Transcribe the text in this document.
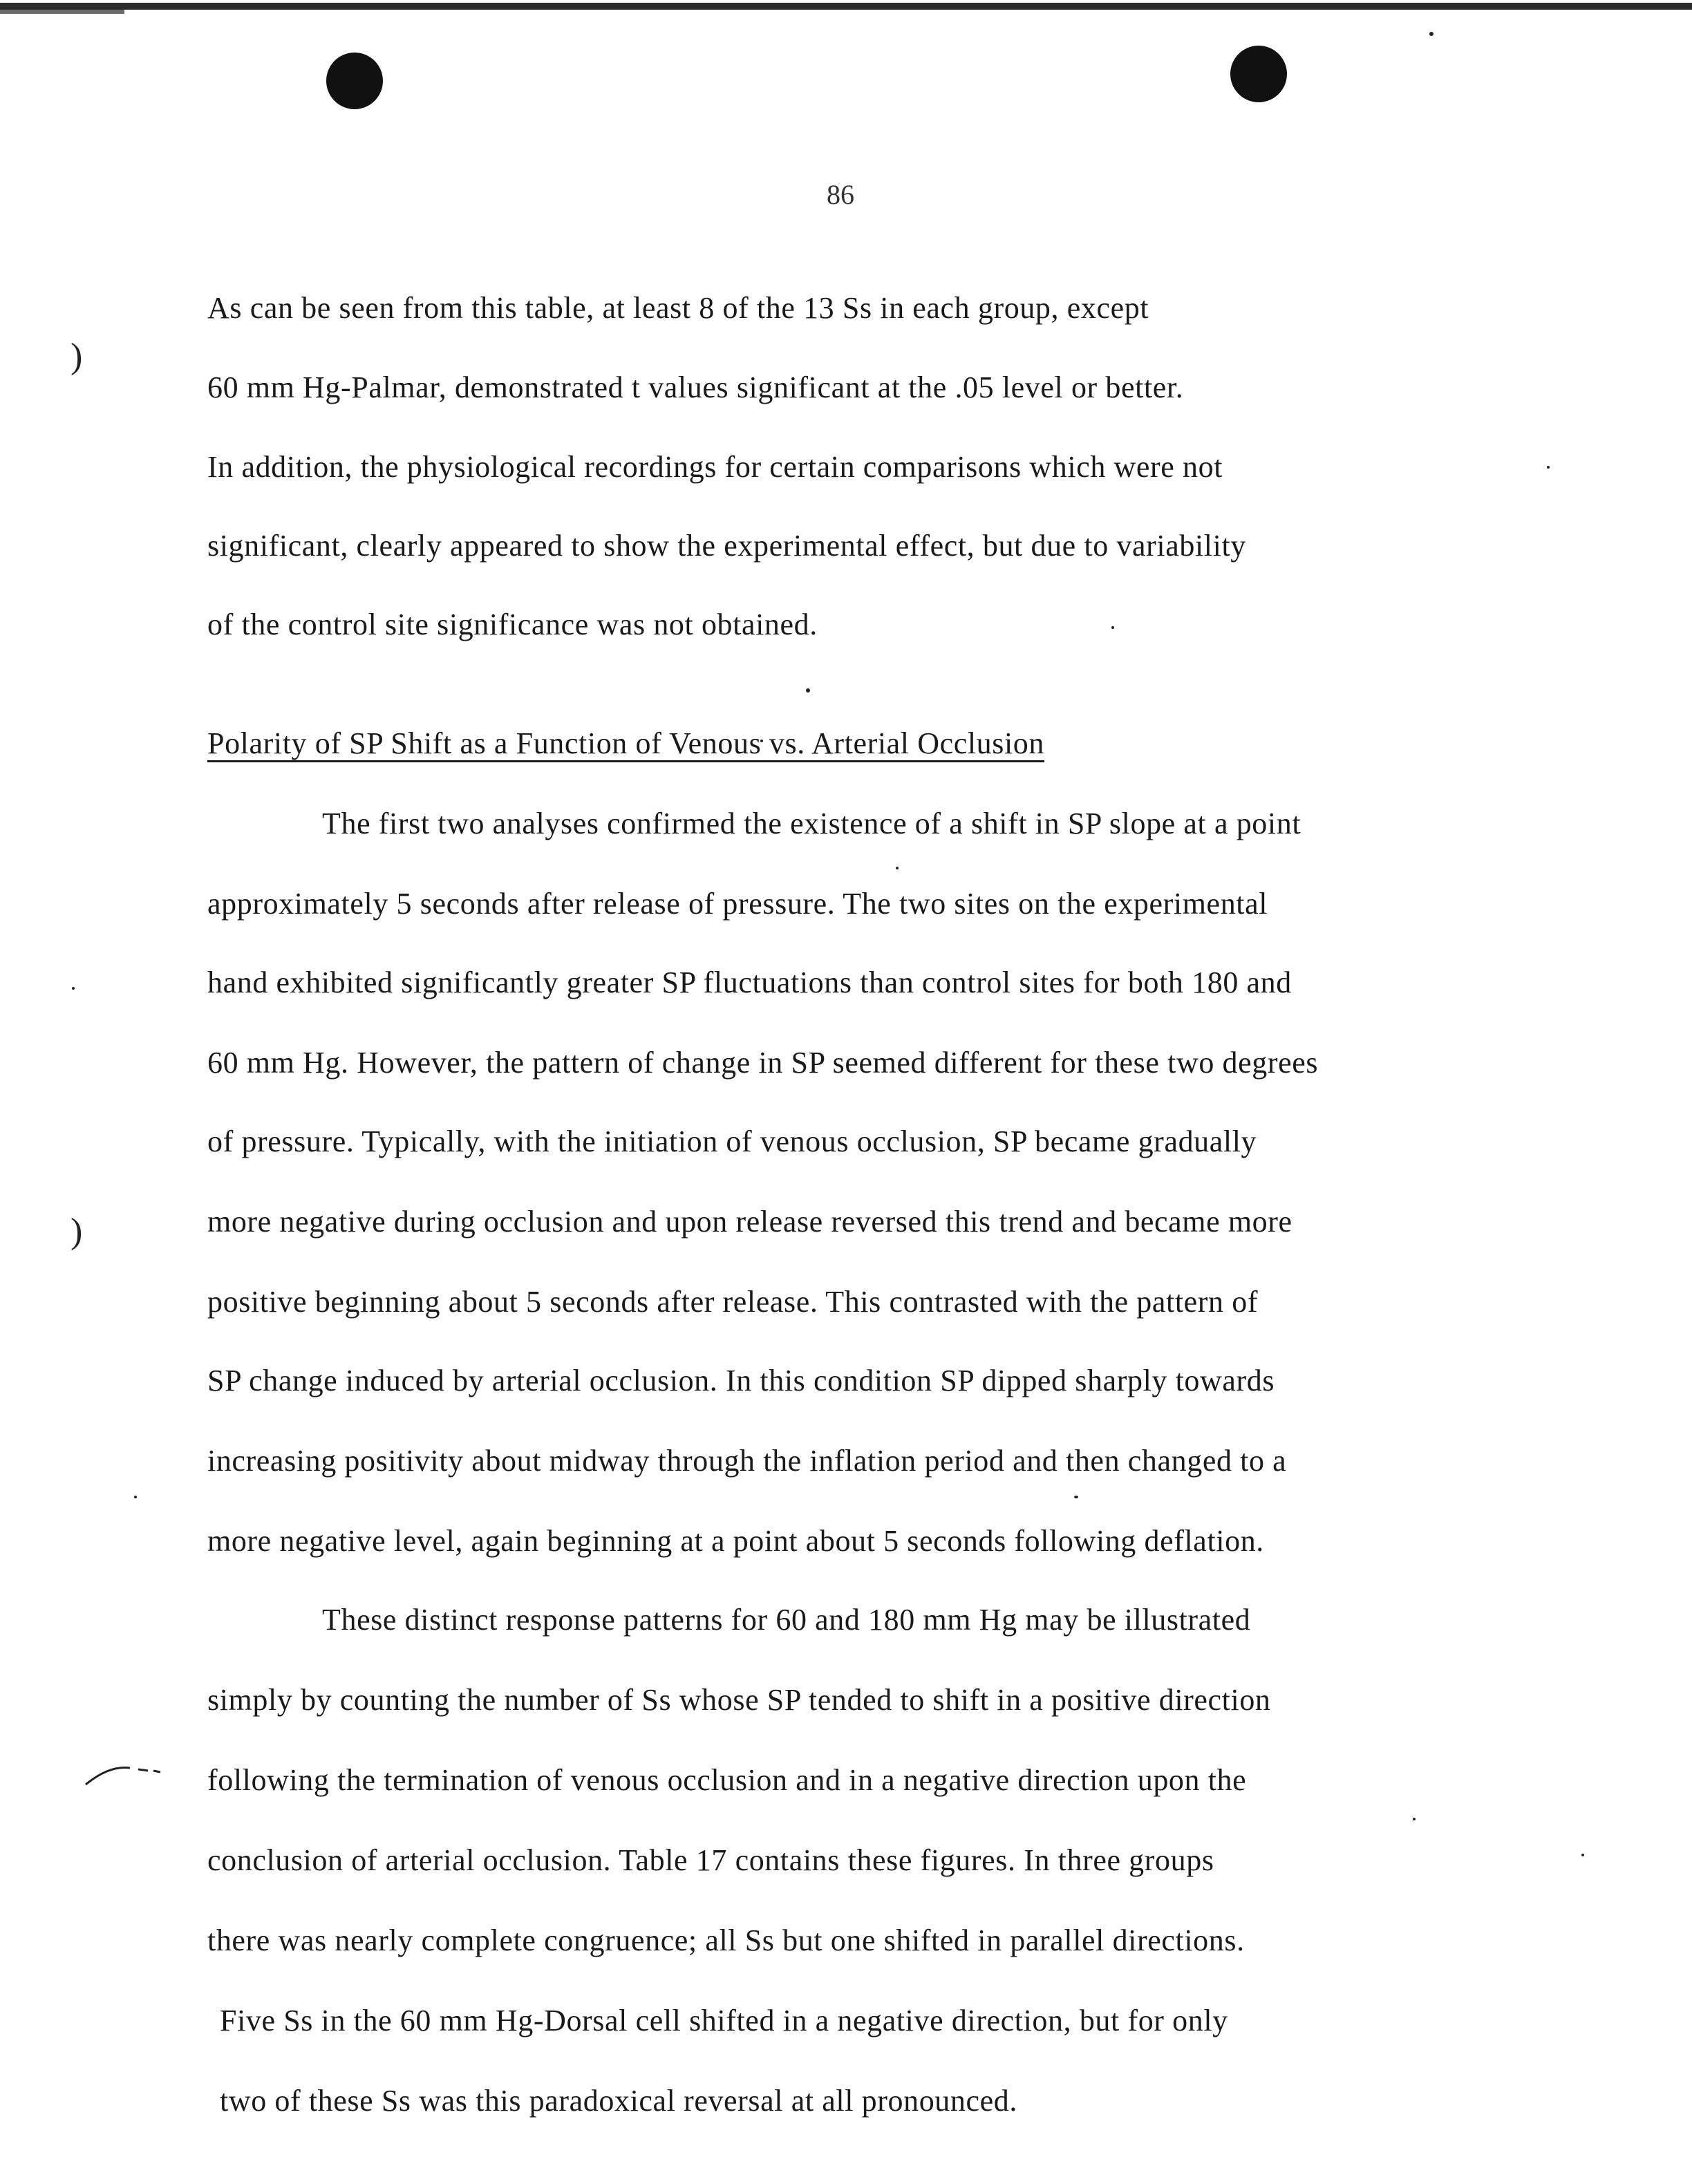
)
)
86
As can be seen from this table, at least 8 of the 13 Ss in each group, except
60 mm Hg-Palmar, demonstrated t values significant at the .05 level or better.
In addition, the physiological recordings for certain comparisons which were not
significant, clearly appeared to show the experimental effect, but due to variability
of the control site significance was not obtained.
Polarity of SP Shift as a Function of Venous vs. Arterial Occlusion
The first two analyses confirmed the existence of a shift in SP slope at a point
approximately 5 seconds after release of pressure. The two sites on the experimental
hand exhibited significantly greater SP fluctuations than control sites for both 180 and
60 mm Hg. However, the pattern of change in SP seemed different for these two degrees
of pressure. Typically, with the initiation of venous occlusion, SP became gradually
more negative during occlusion and upon release reversed this trend and became more
positive beginning about 5 seconds after release. This contrasted with the pattern of
SP change induced by arterial occlusion. In this condition SP dipped sharply towards
increasing positivity about midway through the inflation period and then changed to a
more negative level, again beginning at a point about 5 seconds following deflation.
These distinct response patterns for 60 and 180 mm Hg may be illustrated
simply by counting the number of Ss whose SP tended to shift in a positive direction
following the termination of venous occlusion and in a negative direction upon the
conclusion of arterial occlusion. Table 17 contains these figures. In three groups
there was nearly complete congruence; all Ss but one shifted in parallel directions.
Five Ss in the 60 mm Hg-Dorsal cell shifted in a negative direction, but for only
two of these Ss was this paradoxical reversal at all pronounced.
